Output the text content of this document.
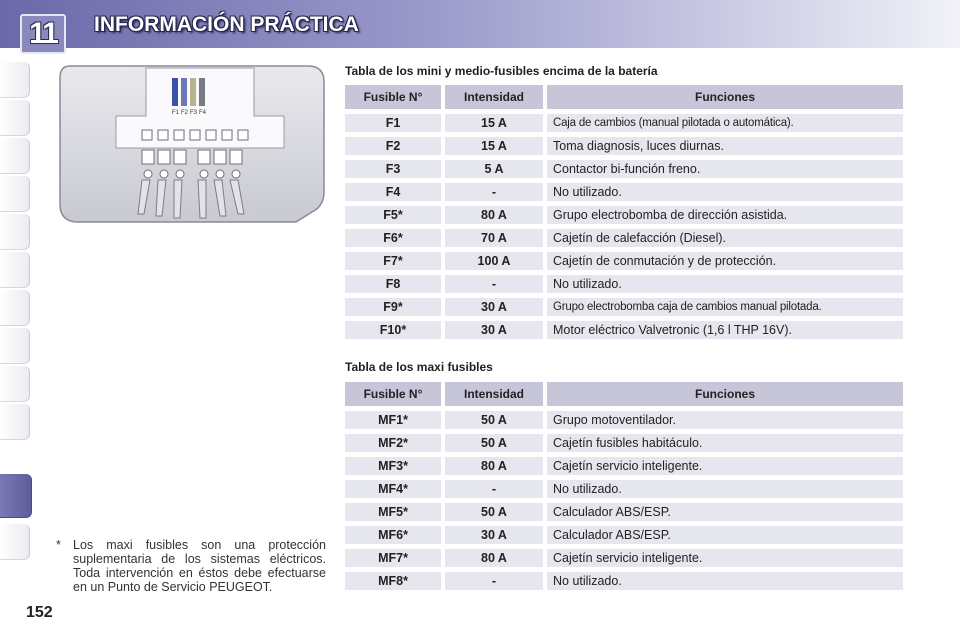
11	INFORMACIÓN PRÁCTICA
F1 F2 F3 F4
Tabla de los mini y medio-fusibles encima de la batería
Fusible N°		Intensidad		Funciones
F1		15 A		Caja de cambios (manual pilotada o automática).
F2		15 A		Toma diagnosis, luces diurnas.
F3		5 A		Contactor bi-función freno.
F4		-		No utilizado.
F5*		80 A		Grupo electrobomba de dirección asistida.
F6*		70 A		Cajetín de calefacción (Diesel).
F7*		100 A		Cajetín de conmutación y de protección.
F8		-		No utilizado.
F9*		30 A		Grupo electrobomba caja de cambios manual pilotada.
F10*		30 A		Motor eléctrico Valvetronic (1,6 l THP 16V).
Tabla de los maxi fusibles
Fusible N°		Intensidad		Funciones
MF1*		50 A		Grupo motoventilador.
MF2*		50 A		Cajetín fusibles habitáculo.
MF3*		80 A		Cajetín servicio inteligente.
MF4*		-		No utilizado.
MF5*		50 A		Calculador ABS/ESP.
MF6*		30 A		Calculador ABS/ESP.
MF7*		80 A		Cajetín servicio inteligente.
MF8*		-		No utilizado.
* Los maxi fusibles son una protección suplementaria de los sistemas eléctricos. Toda intervención en éstos debe efectuarse en un Punto de Servicio PEUGEOT.
152
